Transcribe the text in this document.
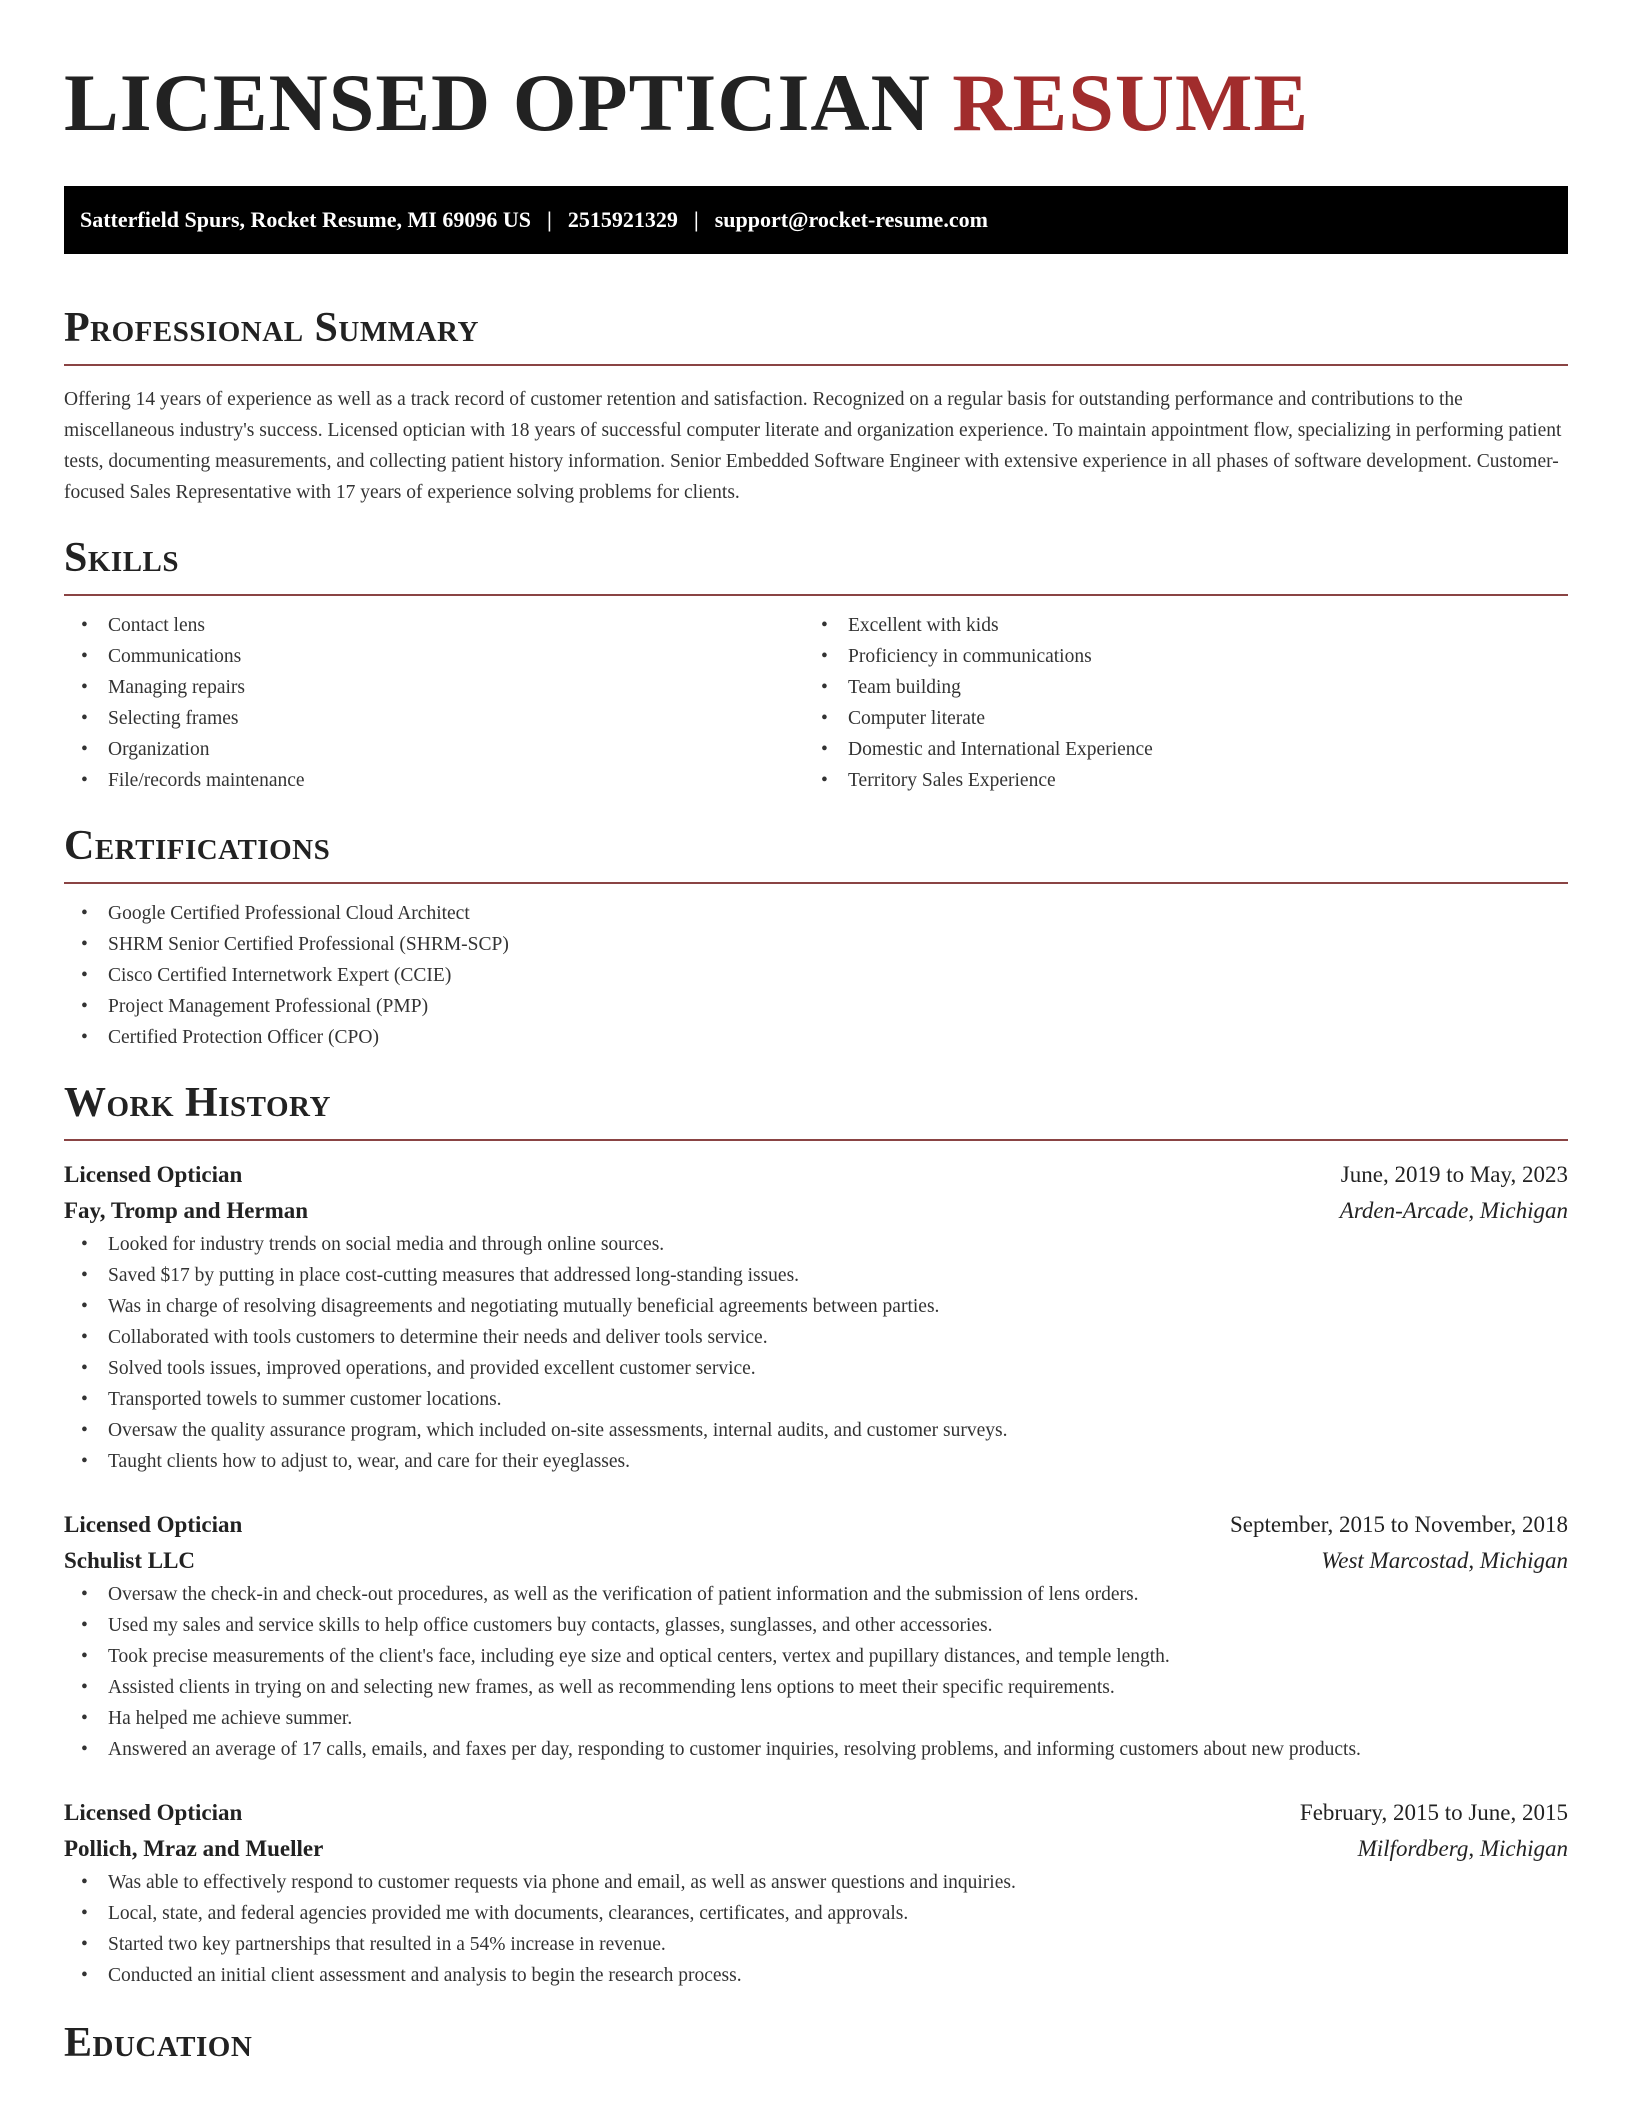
LICENSED OPTICIAN RESUME
Satterfield Spurs, Rocket Resume, MI 69096 US | 2515921329 | support@rocket-resume.com
Professional Summary

Offering 14 years of experience as well as a track record of customer retention and satisfaction. Recognized on a regular basis for outstanding performance and contributions to the miscellaneous industry's success. Licensed optician with 18 years of successful computer literate and organization experience. To maintain appointment flow, specializing in performing patient tests, documenting measurements, and collecting patient history information. Senior Embedded Software Engineer with extensive experience in all phases of software development. Customer-focused Sales Representative with 17 years of experience solving problems for clients.

Skills
• Contact lens
• Communications
• Managing repairs
• Selecting frames
• Organization
• File/records maintenance
• Excellent with kids
• Proficiency in communications
• Team building
• Computer literate
• Domestic and International Experience
• Territory Sales Experience
Certifications
• Google Certified Professional Cloud Architect
• SHRM Senior Certified Professional (SHRM-SCP)
• Cisco Certified Internetwork Expert (CCIE)
• Project Management Professional (PMP)
• Certified Protection Officer (CPO)
Work History
Licensed Optician	June, 2019 to May, 2023
Fay, Tromp and Herman	Arden-Arcade, Michigan
• Looked for industry trends on social media and through online sources.
• Saved $17 by putting in place cost-cutting measures that addressed long-standing issues.
• Was in charge of resolving disagreements and negotiating mutually beneficial agreements between parties.
• Collaborated with tools customers to determine their needs and deliver tools service.
• Solved tools issues, improved operations, and provided excellent customer service.
• Transported towels to summer customer locations.
• Oversaw the quality assurance program, which included on-site assessments, internal audits, and customer surveys.
• Taught clients how to adjust to, wear, and care for their eyeglasses.
Licensed Optician	September, 2015 to November, 2018
Schulist LLC	West Marcostad, Michigan
• Oversaw the check-in and check-out procedures, as well as the verification of patient information and the submission of lens orders.
• Used my sales and service skills to help office customers buy contacts, glasses, sunglasses, and other accessories.
• Took precise measurements of the client's face, including eye size and optical centers, vertex and pupillary distances, and temple length.
• Assisted clients in trying on and selecting new frames, as well as recommending lens options to meet their specific requirements.
• Ha helped me achieve summer.
• Answered an average of 17 calls, emails, and faxes per day, responding to customer inquiries, resolving problems, and informing customers about new products.
Licensed Optician	February, 2015 to June, 2015
Pollich, Mraz and Mueller	Milfordberg, Michigan
• Was able to effectively respond to customer requests via phone and email, as well as answer questions and inquiries.
• Local, state, and federal agencies provided me with documents, clearances, certificates, and approvals.
• Started two key partnerships that resulted in a 54% increase in revenue.
• Conducted an initial client assessment and analysis to begin the research process.
Education
